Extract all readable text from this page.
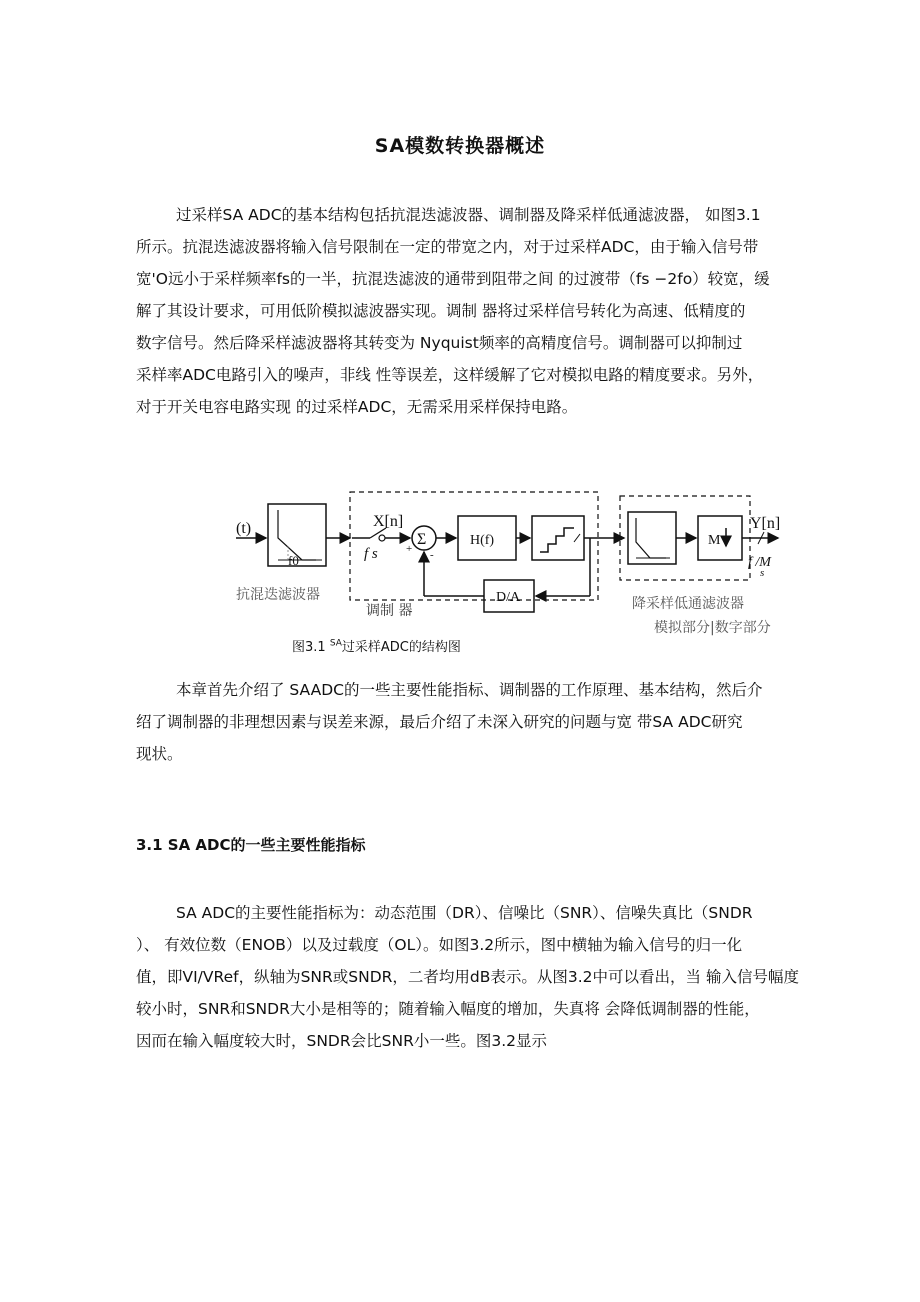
SA模数转换器概述
过采样SA ADC的基本结构包括抗混迭滤波器、调制器及降采样低通滤波器， 如图3.1
所示。抗混迭滤波器将输入信号限制在一定的带宽之内，对于过采样ADC，由于输入信号带
宽'O远小于采样频率fs的一半，抗混迭滤波的通带到阻带之间 的过渡带（fs −2fo）较宽，缓
解了其设计要求，可用低阶模拟滤波器实现。调制 器将过采样信号转化为高速、低精度的
数字信号。然后降采样滤波器将其转变为 Nyquist频率的高精度信号。调制器可以抑制过
采样率ADC电路引入的噪声，非线 性等误差，这样缓解了它对模拟电路的精度要求。另外，
对于开关电容电路实现 的过采样ADC，无需采用采样保持电路。
(t)
f0
X[n]
f s
Σ
+ -
H(f)
D/A
M
Y[n]
f /M
s
抗混迭滤波器
调制 器	降采样低通滤波器
模拟部分|数字部分
图3.1 $^{SA}$过采样ADC的结构图
本章首先介绍了 SAADC的一些主要性能指标、调制器的工作原理、基本结构，然后介
绍了调制器的非理想因素与误差来源，最后介绍了未深入研究的问题与宽 带SA ADC研究
现状。
3.1 SA ADC的一些主要性能指标
SA ADC的主要性能指标为：动态范围（DR）、信噪比（SNR）、信噪失真比（SNDR
）、 有效位数（ENOB）以及过载度（OL）。如图3.2所示，图中横轴为输入信号的归一化
值，即VI/VRef，纵轴为SNR或SNDR，二者均用dB表示。从图3.2中可以看出，当 输入信号幅度
较小时，SNR和SNDR大小是相等的；随着输入幅度的增加，失真将 会降低调制器的性能，
因而在输入幅度较大时，SNDR会比SNR小一些。图3.2显示
